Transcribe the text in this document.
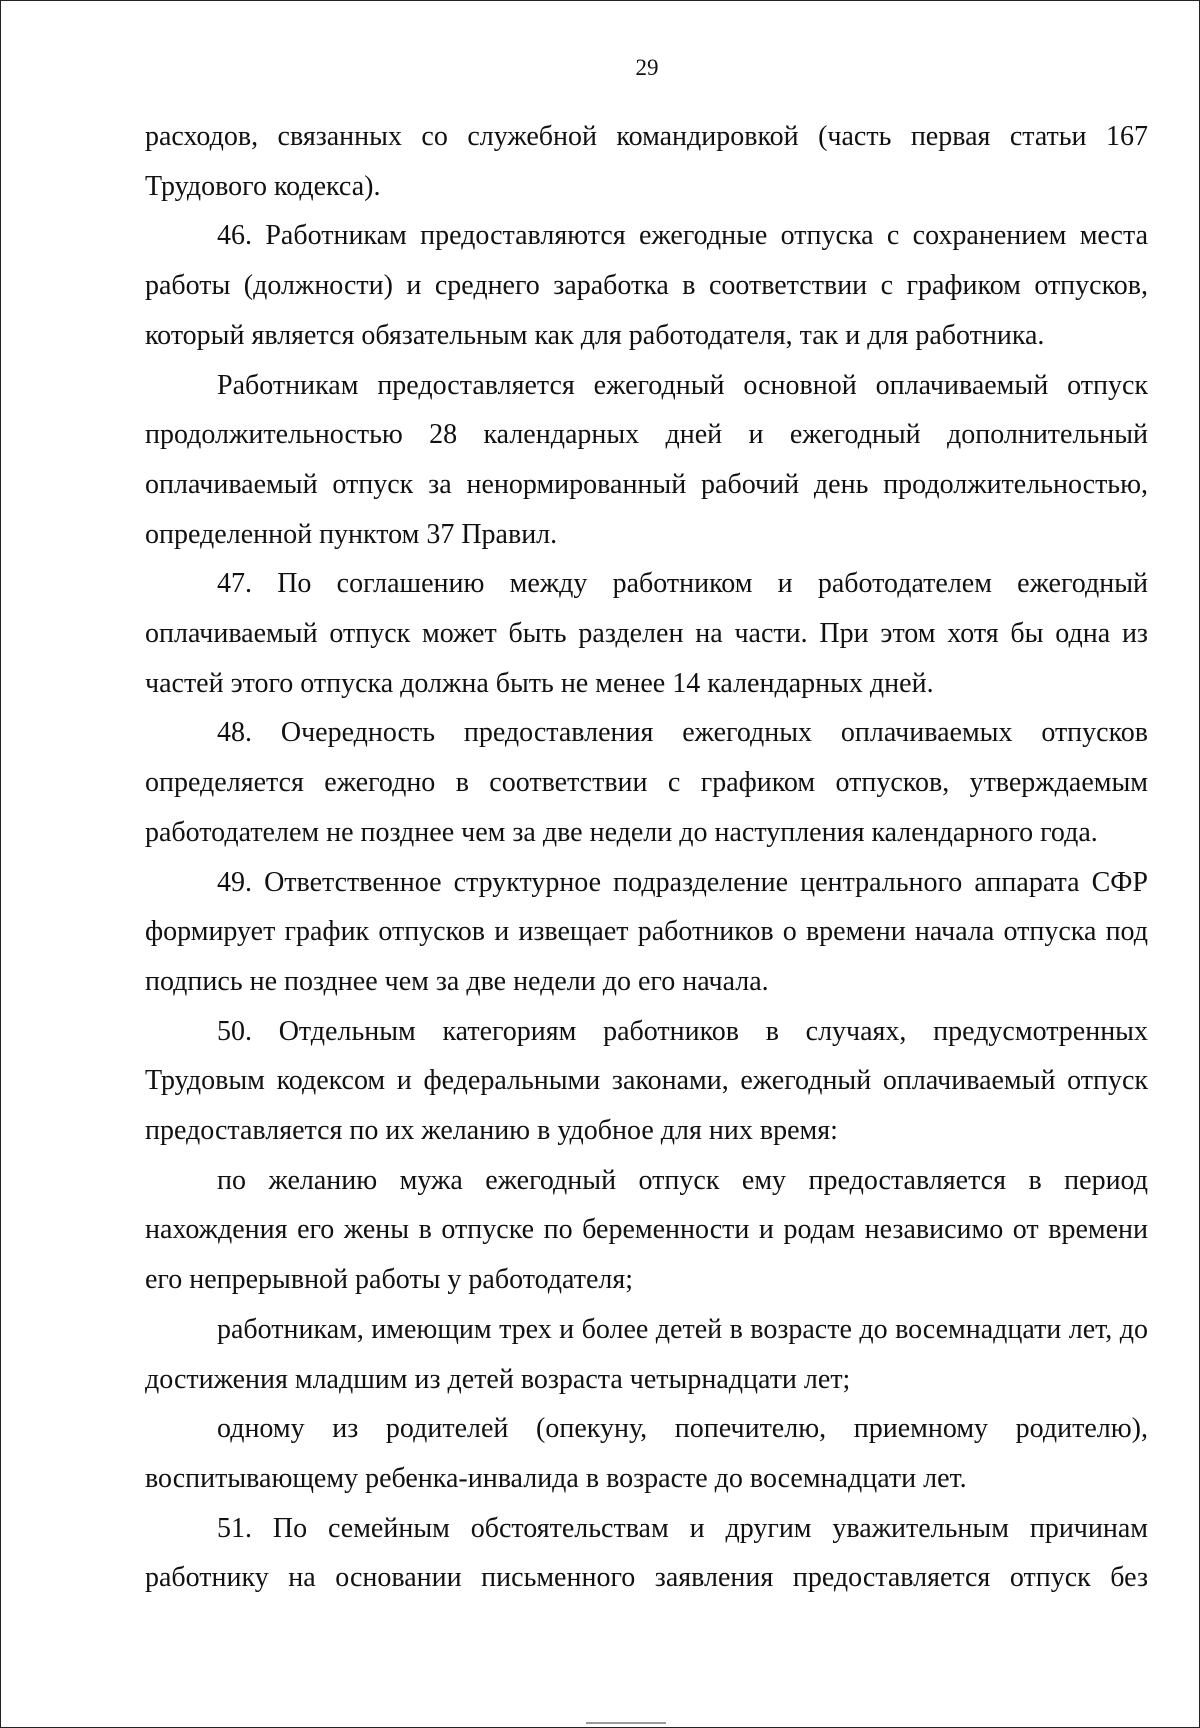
29

расходов, связанных со служебной командировкой (часть первая статьи 167 Трудового кодекса).

46. Работникам предоставляются ежегодные отпуска с сохранением места работы (должности) и среднего заработка в соответствии с графиком отпусков, который является обязательным как для работодателя, так и для работника.

Работникам предоставляется ежегодный основной оплачиваемый отпуск продолжительностью 28 календарных дней и ежегодный дополнительный оплачиваемый отпуск за ненормированный рабочий день продолжительностью, определенной пунктом 37 Правил.

47. По соглашению между работником и работодателем ежегодный оплачиваемый отпуск может быть разделен на части. При этом хотя бы одна из частей этого отпуска должна быть не менее 14 календарных дней.

48. Очередность предоставления ежегодных оплачиваемых отпусков определяется ежегодно в соответствии с графиком отпусков, утверждаемым работодателем не позднее чем за две недели до наступления календарного года.

49. Ответственное структурное подразделение центрального аппарата СФР формирует график отпусков и извещает работников о времени начала отпуска под подпись не позднее чем за две недели до его начала.

50. Отдельным категориям работников в случаях, предусмотренных Трудовым кодексом и федеральными законами, ежегодный оплачиваемый отпуск предоставляется по их желанию в удобное для них время:

по желанию мужа ежегодный отпуск ему предоставляется в период нахождения его жены в отпуске по беременности и родам независимо от времени его непрерывной работы у работодателя;

работникам, имеющим трех и более детей в возрасте до восемнадцати лет, до достижения младшим из детей возраста четырнадцати лет;

одному из родителей (опекуну, попечителю, приемному родителю), воспитывающему ребенка-инвалида в возрасте до восемнадцати лет.

51. По семейным обстоятельствам и другим уважительным причинам работнику на основании письменного заявления предоставляется отпуск без
